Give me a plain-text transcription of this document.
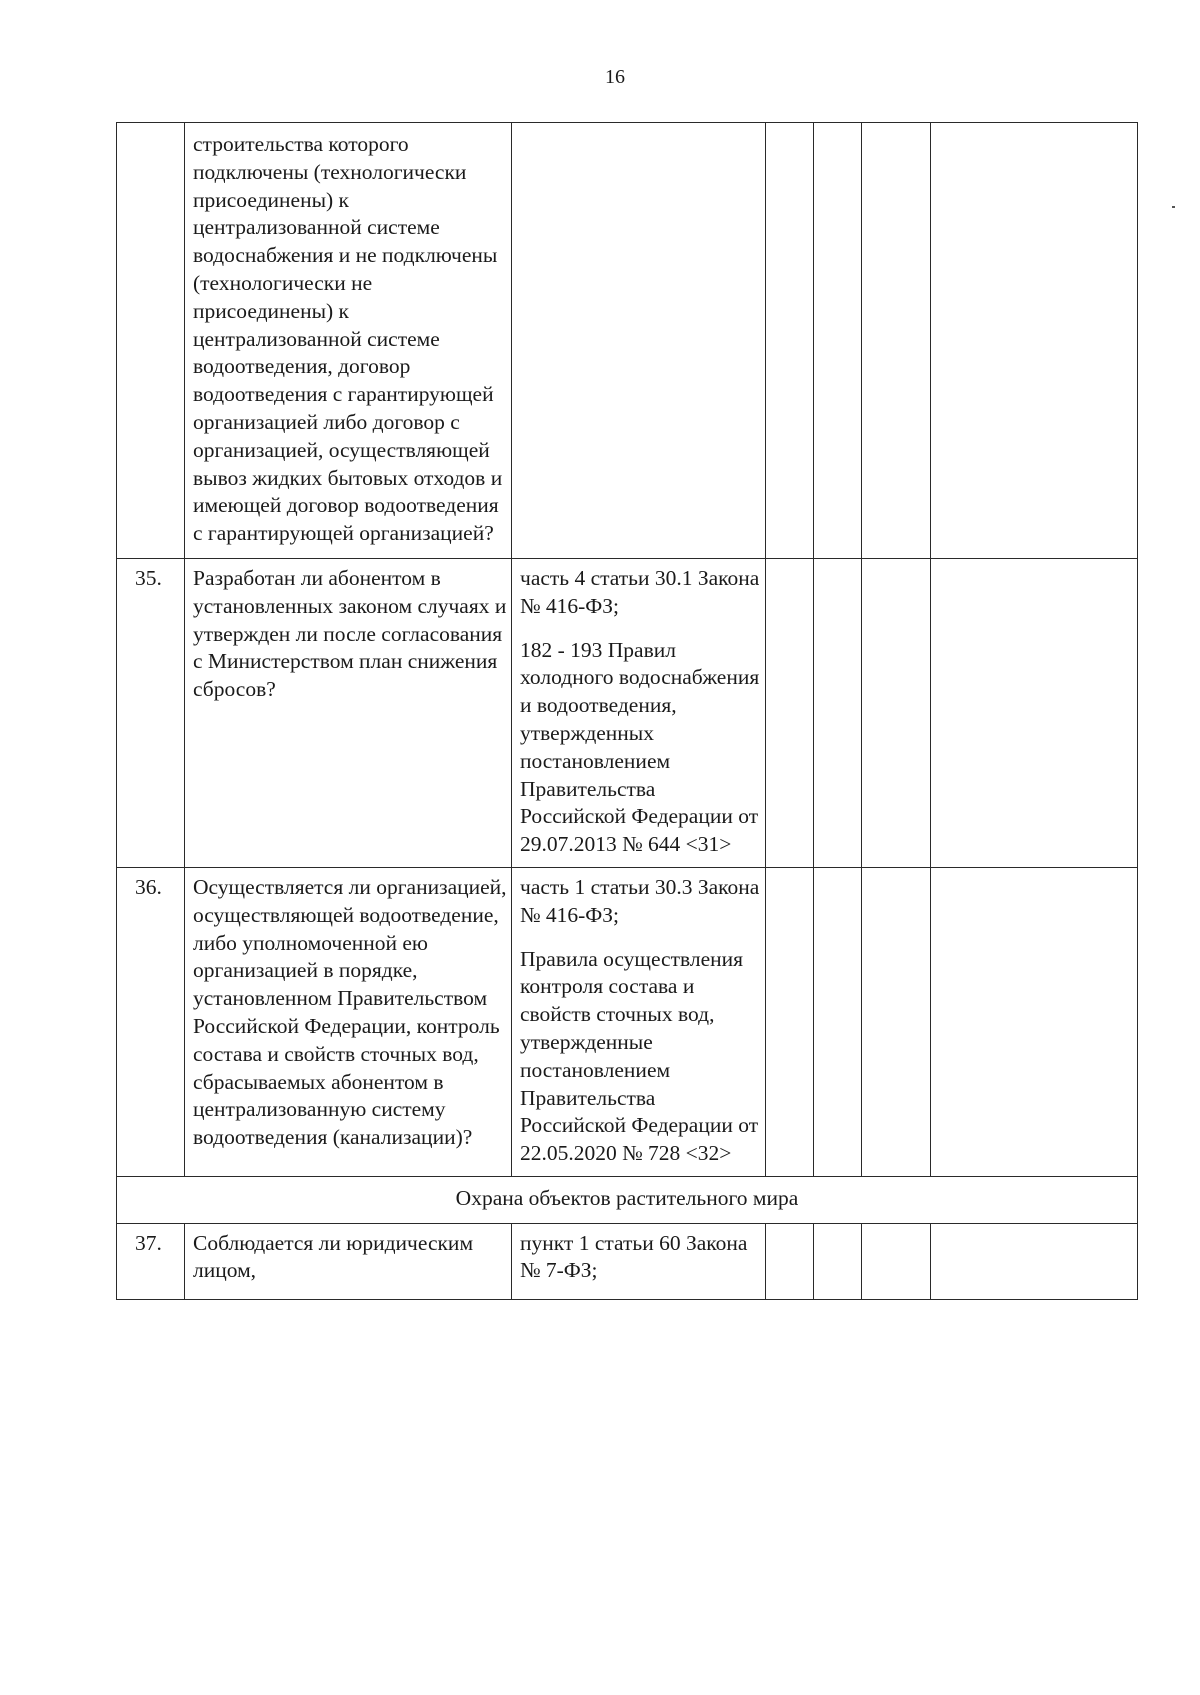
16
	строительства которого подключены (технологически присоединены) к централизованной системе водоснабжения и не подключены (технологически не присоединены) к централизованной системе водоотведения, договор водоотведения с гарантирующей организацией либо договор с организацией, осуществляющей вывоз жидких бытовых отходов и имеющей договор водоотведения с гарантирующей организацией?					
35.	Разработан ли абонентом в установленных законом случаях и утвержден ли после согласования с Министерством план снижения сбросов?	часть 4 статьи 30.1 Закона № 416-ФЗ;
182 - 193 Правил холодного водоснабжения и водоотведения, утвержденных постановлением Правительства Российской Федерации от 29.07.2013 № 644 <31>				

36.	Осуществляется ли организацией, осуществляющей водоотведение, либо уполномоченной ею организацией в порядке, установленном Правительством Российской Федерации, контроль состава и свойств сточных вод, сбрасываемых абонентом в централизованную систему водоотведения (канализации)?	часть 1 статьи 30.3 Закона № 416-ФЗ;
Правила осуществления контроля состава и свойств сточных вод, утвержденные постановлением Правительства Российской Федерации от 22.05.2020 № 728 <32>				

Охрана объектов растительного мира						
37.	Соблюдается ли юридическим лицом,	пункт 1 статьи 60 Закона № 7-ФЗ;				
